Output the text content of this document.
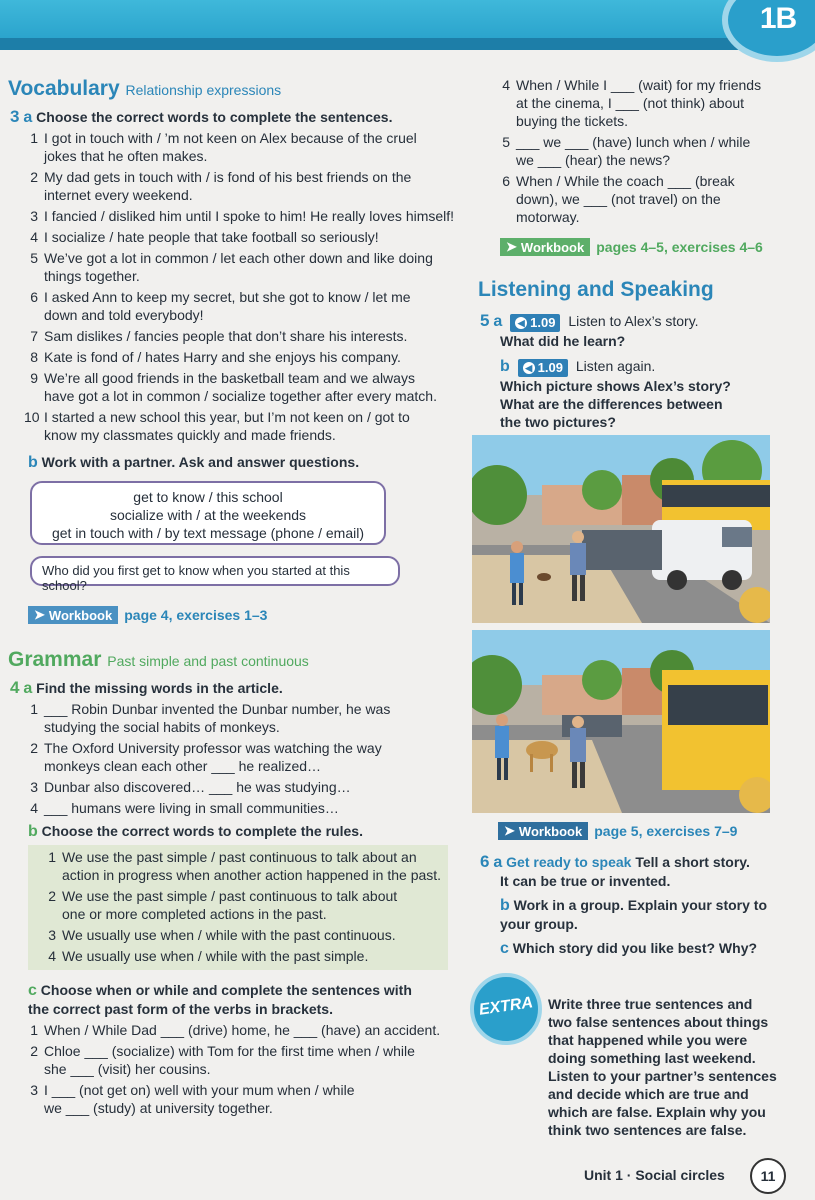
1B
Vocabulary Relationship expressions
3 a Choose the correct words to complete the sentences.
1 I got in touch with / ’m not keen on Alex because of the cruel
jokes that he often makes.
2 My dad gets in touch with / is fond of his best friends on the
internet every weekend.
3 I fancied / disliked him until I spoke to him! He really loves himself!
4 I socialize / hate people that take football so seriously!
5 We’ve got a lot in common / let each other down and like doing
things together.
6 I asked Ann to keep my secret, but she got to know / let me
down and told everybody!
7 Sam dislikes / fancies people that don’t share his interests.
8 Kate is fond of / hates Harry and she enjoys his company.
9 We’re all good friends in the basketball team and we always
have got a lot in common / socialize together after every match.
10 I started a new school this year, but I’m not keen on / got to
know my classmates quickly and made friends.
b Work with a partner. Ask and answer questions.
get to know / this school
socialize with / at the weekends
get in touch with / by text message (phone / email)
Who did you first get to know when you started at this school?
➤ Workbook page 4, exercises 1–3
Grammar Past simple and past continuous
4 a Find the missing words in the article.
1 ___ Robin Dunbar invented the Dunbar number, he was
studying the social habits of monkeys.
2 The Oxford University professor was watching the way
monkeys clean each other ___ he realized…
3 Dunbar also discovered… ___ he was studying…
4 ___ humans were living in small communities…
b Choose the correct words to complete the rules.
1 We use the past simple / past continuous to talk about an
action in progress when another action happened in the past.
2 We use the past simple / past continuous to talk about
one or more completed actions in the past.
3 We usually use when / while with the past continuous.
4 We usually use when / while with the past simple.
c Choose when or while and complete the sentences with
the correct past form of the verbs in brackets.
1 When / While Dad ___ (drive) home, he ___ (have) an accident.
2 Chloe ___ (socialize) with Tom for the first time when / while
she ___ (visit) her cousins.
3 I ___ (not get on) well with your mum when / while
we ___ (study) at university together.
4 When / While I ___ (wait) for my friends
at the cinema, I ___ (not think) about
buying the tickets.
5 ___ we ___ (have) lunch when / while
we ___ (hear) the news?
6 When / While the coach ___ (break
down), we ___ (not travel) on the
motorway.
➤ Workbook pages 4–5, exercises 4–6
Listening and Speaking
5 a ◀ 1.09 Listen to Alex’s story.
What did he learn?
b ◀ 1.09 Listen again.
Which picture shows Alex’s story?
What are the differences between
the two pictures?
➤ Workbook page 5, exercises 7–9
6 a Get ready to speak Tell a short story.
It can be true or invented.
b Work in a group. Explain your story to
your group.
c Which story did you like best? Why?
EXTRA	Write three true sentences and
two false sentences about things
that happened while you were
doing something last weekend.
Listen to your partner’s sentences
and decide which are true and
which are false. Explain why you
think two sentences are false.
Unit 1 · Social circles	11
